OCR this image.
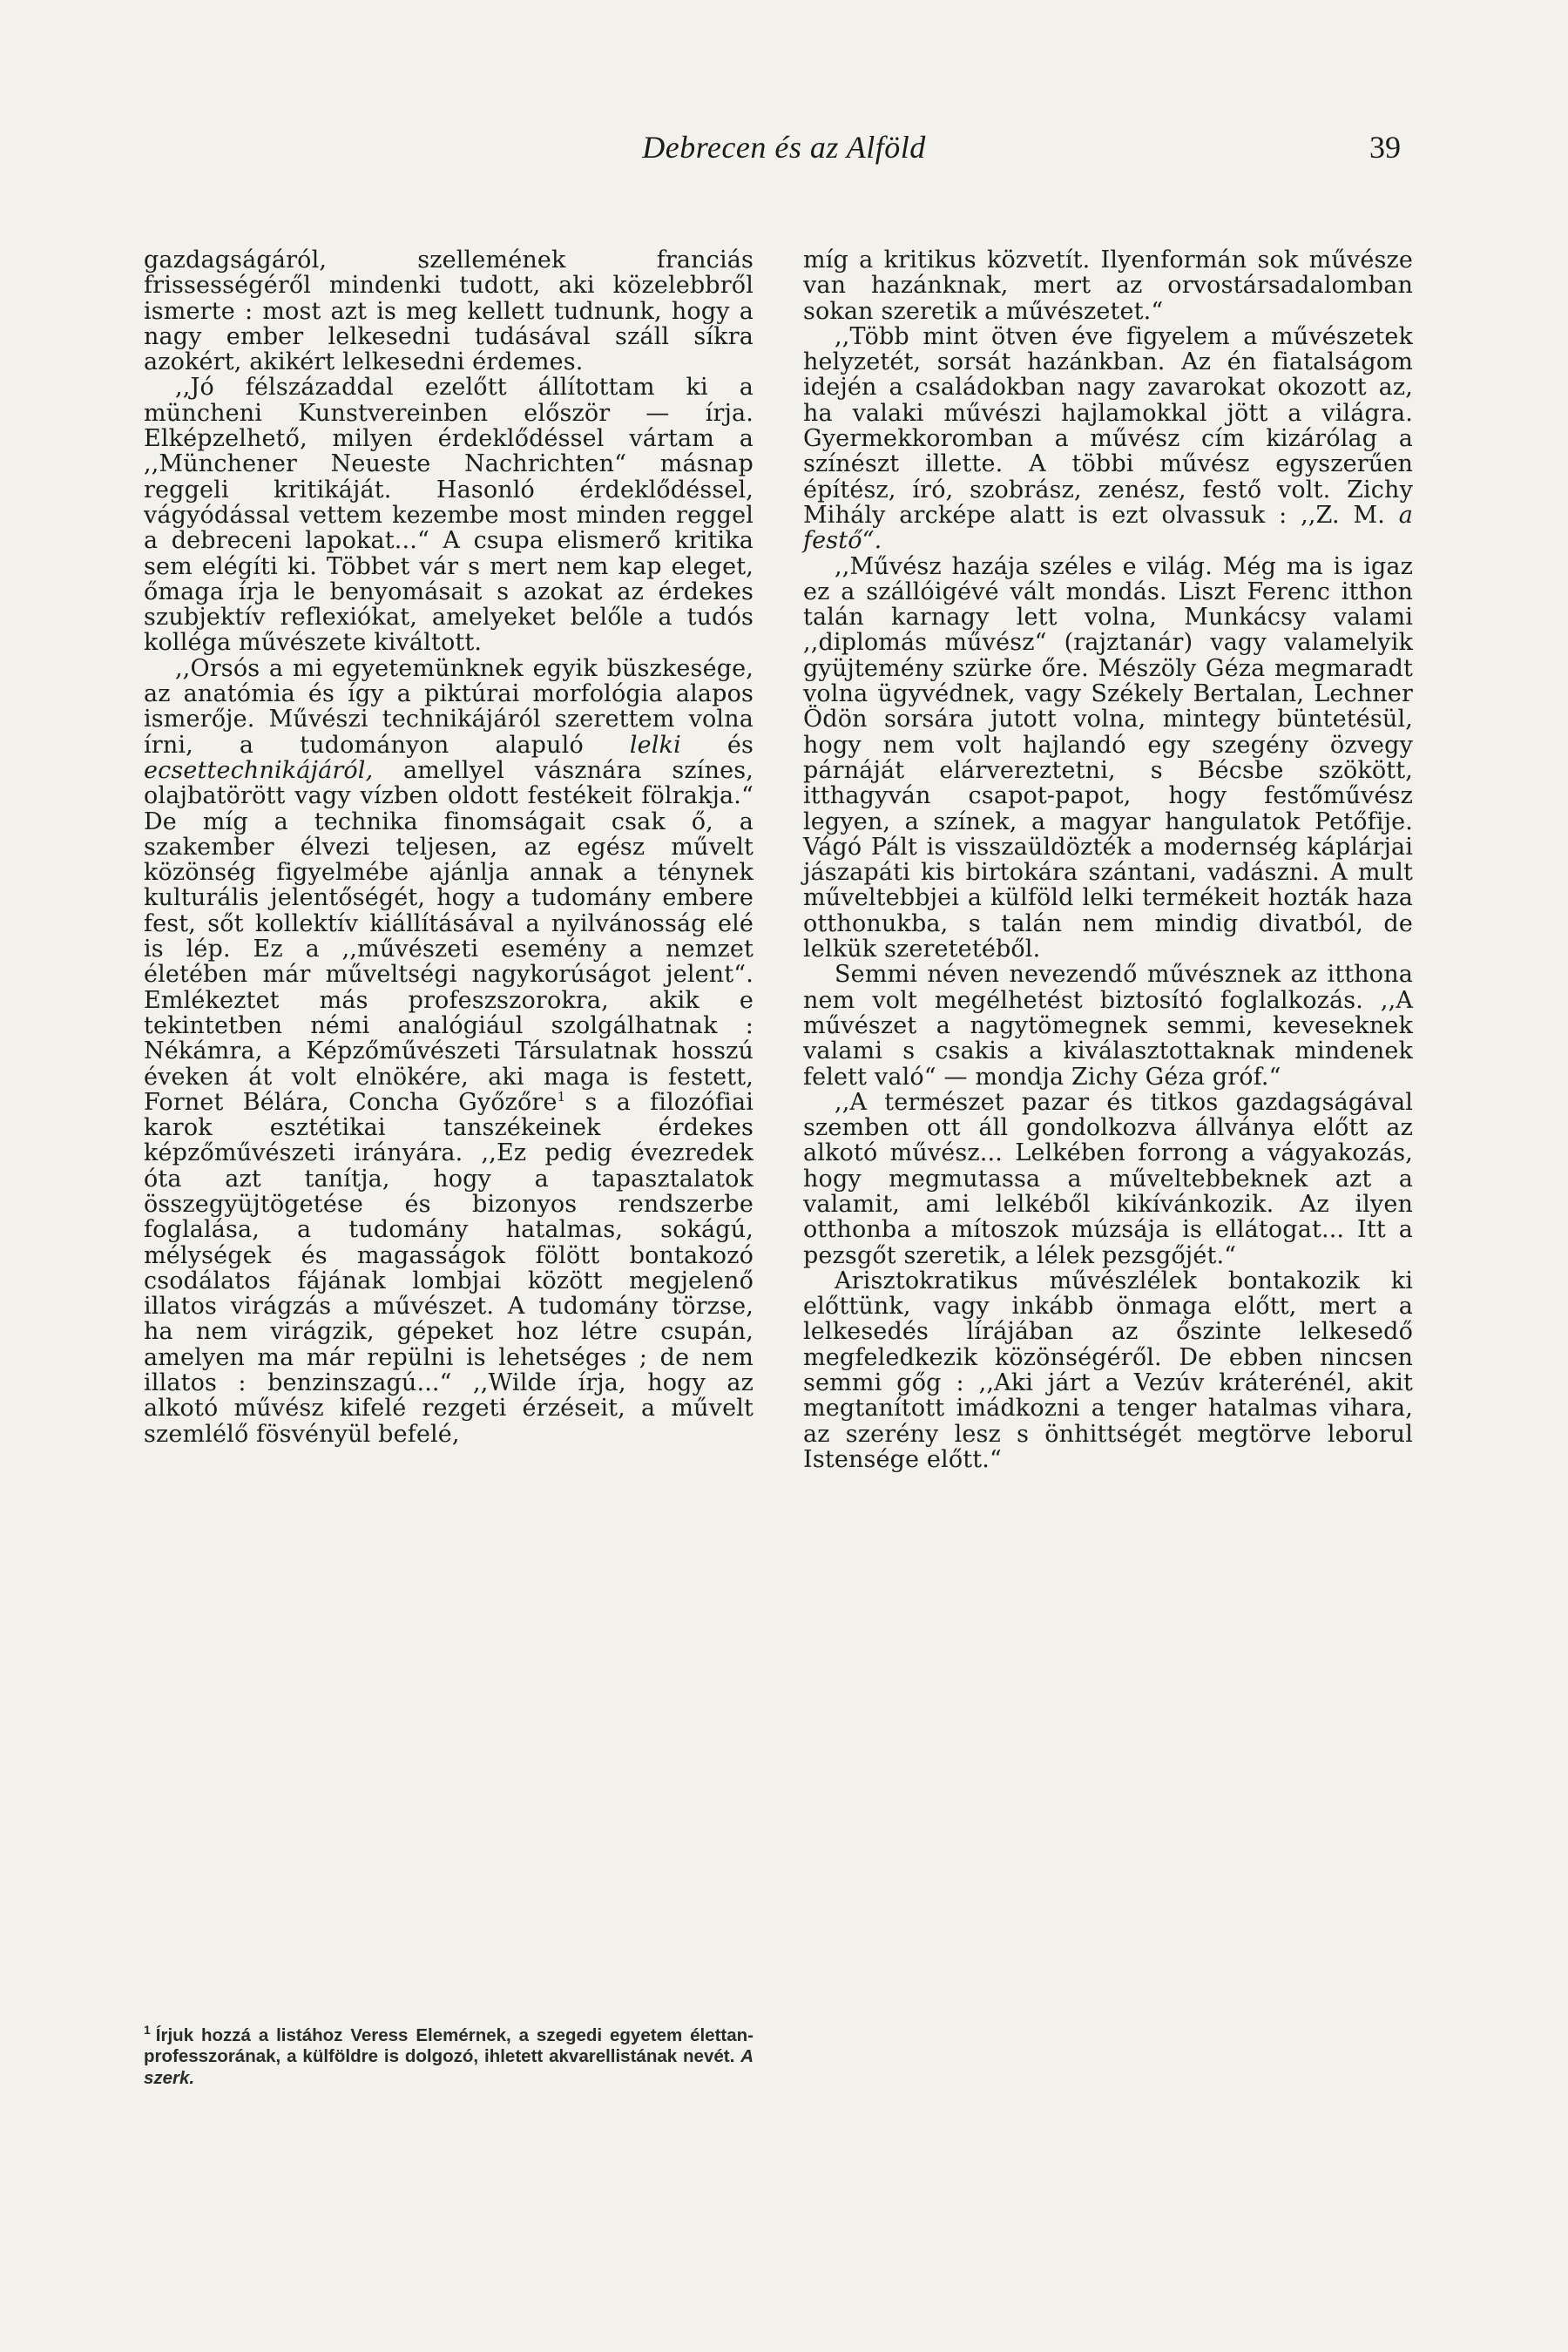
Debrecen és az Alföld	39

gazdagságáról, szellemének franciás frissességéről mindenki tudott, aki közelebbről ismerte : most azt is meg kellett tudnunk, hogy a nagy ember lelkesedni tudásával száll síkra azokért, akikért lelkesedni érdemes.

,,Jó félszázaddal ezelőtt állítottam ki a müncheni Kunstvereinben először — írja. Elképzelhető, milyen érdeklődéssel vártam a ,,Münchener Neueste Nachrichten“ másnap reggeli kritikáját. Hasonló érdeklődéssel, vágyódással vettem kezembe most minden reggel a debreceni lapokat...“ A csupa elismerő kritika sem elégíti ki. Többet vár s mert nem kap eleget, őmaga írja le benyomásait s azokat az érdekes szubjektív reflexiókat, amelyeket belőle a tudós kolléga művészete kiváltott.

,,Orsós a mi egyetemünknek egyik büszkesége, az anatómia és így a piktúrai morfológia alapos ismerője. Művészi technikájáról szerettem volna írni, a tudományon alapuló lelki és ecsettechnikájáról, amellyel vásznára színes, olajbatörött vagy vízben oldott festékeit fölrakja.“ De míg a technika finomságait csak ő, a szakember élvezi teljesen, az egész művelt közönség figyelmébe ajánlja annak a ténynek kulturális jelentőségét, hogy a tudomány embere fest, sőt kollektív kiállításával a nyilvánosság elé is lép. Ez a ,,művészeti esemény a nemzet életében már műveltségi nagykorúságot jelent“. Emlékeztet más profeszszorokra, akik e tekintetben némi analógiául szolgálhatnak : Nékámra, a Képzőművészeti Társulatnak hosszú éveken át volt elnökére, aki maga is festett, Fornet Bélára, Concha Győzőre$^1$ s a filozófiai karok esztétikai tanszékeinek érdekes képzőművészeti irányára. ,,Ez pedig évezredek óta azt tanítja, hogy a tapasztalatok összegyüjtögetése és bizonyos rendszerbe foglalása, a tudomány hatalmas, sokágú, mélységek és magasságok fölött bontakozó csodálatos fájának lombjai között megjelenő illatos virágzás a művészet. A tudomány törzse, ha nem virágzik, gépeket hoz létre csupán, amelyen ma már repülni is lehetséges ; de nem illatos : benzinszagú...“ ,,Wilde írja, hogy az alkotó művész kifelé rezgeti érzéseit, a művelt szemlélő fösvényül befelé,

$^1$ Írjuk hozzá a listához Veress Elemérnek, a szegedi egyetem élettan-professzorának, a külföldre is dolgozó, ihletett akvarellistának nevét. A szerk.

míg a kritikus közvetít. Ilyenformán sok művésze van hazánknak, mert az orvostársadalomban sokan szeretik a művészetet.“

,,Több mint ötven éve figyelem a művészetek helyzetét, sorsát hazánkban. Az én fiatalságom idején a családokban nagy zavarokat okozott az, ha valaki művészi hajlamokkal jött a világra. Gyermekkoromban a művész cím kizárólag a színészt illette. A többi művész egyszerűen építész, író, szobrász, zenész, festő volt. Zichy Mihály arcképe alatt is ezt olvassuk : ,,Z. M. a festő“.

,,Művész hazája széles e világ. Még ma is igaz ez a szállóigévé vált mondás. Liszt Ferenc itthon talán karnagy lett volna, Munkácsy valami ,,diplomás művész“ (rajztanár) vagy valamelyik gyüjtemény szürke őre. Mészöly Géza megmaradt volna ügyvédnek, vagy Székely Bertalan, Lechner Ödön sorsára jutott volna, mintegy büntetésül, hogy nem volt hajlandó egy szegény özvegy párnáját elárvereztetni, s Bécsbe szökött, itthagyván csapot-papot, hogy festőművész legyen, a színek, a magyar hangulatok Petőfije. Vágó Pált is visszaüldözték a modernség káplárjai jászapáti kis birtokára szántani, vadászni. A mult műveltebbjei a külföld lelki termékeit hozták haza otthonukba, s talán nem mindig divatból, de lelkük szeretetéből.

Semmi néven nevezendő művésznek az itthona nem volt megélhetést biztosító foglalkozás. ,,A művészet a nagytömegnek semmi, keveseknek valami s csakis a kiválasztottaknak mindenek felett való“ — mondja Zichy Géza gróf.“

,,A természet pazar és titkos gazdagságával szemben ott áll gondolkozva állványa előtt az alkotó művész... Lelkében forrong a vágyakozás, hogy megmutassa a műveltebbeknek azt a valamit, ami lelkéből kikívánkozik. Az ilyen otthonba a mítoszok múzsája is ellátogat... Itt a pezsgőt szeretik, a lélek pezsgőjét.“

Arisztokratikus művészlélek bontakozik ki előttünk, vagy inkább önmaga előtt, mert a lelkesedés lírájában az őszinte lelkesedő megfeledkezik közönségéről. De ebben nincsen semmi gőg : ,,Aki járt a Vezúv kráterénél, akit megtanított imádkozni a tenger hatalmas vihara, az szerény lesz s önhittségét megtörve leborul Istensége előtt.“
